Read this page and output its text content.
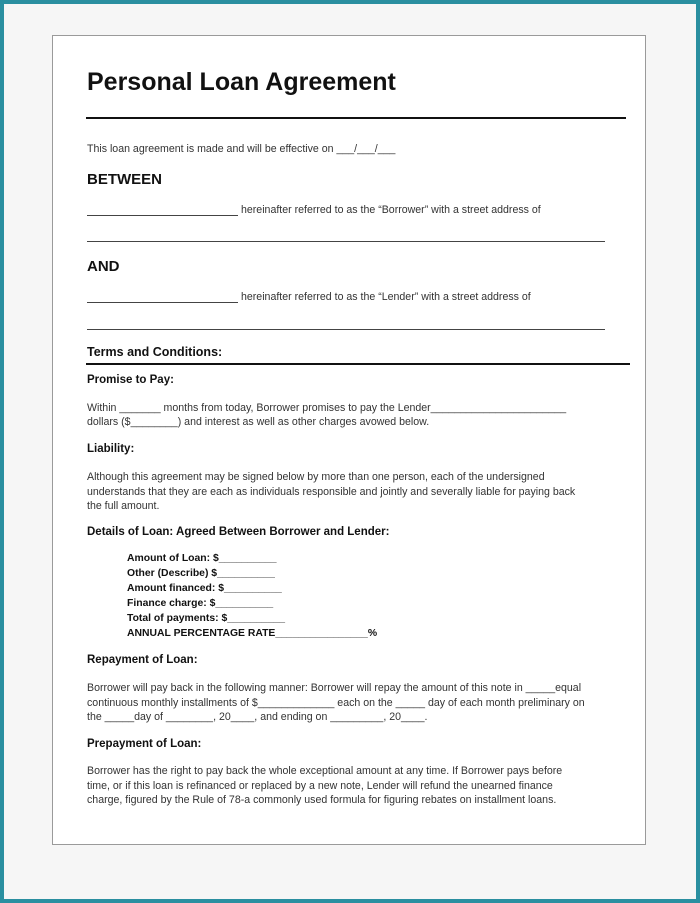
Personal Loan Agreement
This loan agreement is made and will be effective on ___/___/___
BETWEEN
hereinafter referred to as the “Borrower” with a street address of
AND
hereinafter referred to as the “Lender” with a street address of
Terms and Conditions:
Promise to Pay:
Within _______ months from today, Borrower promises to pay the Lender_______________________
dollars ($________) and interest as well as other charges avowed below.
Liability:
Although this agreement may be signed below by more than one person, each of the undersigned
understands that they are each as individuals responsible and jointly and severally liable for paying back
the full amount.
Details of Loan: Agreed Between Borrower and Lender:
Amount of Loan: $__________
Other (Describe) $__________
Amount financed: $__________
Finance charge: $__________
Total of payments: $__________
ANNUAL PERCENTAGE RATE________________%
Repayment of Loan:
Borrower will pay back in the following manner: Borrower will repay the amount of this note in _____equal
continuous monthly installments of $_____________ each on the _____ day of each month preliminary on
the _____day of ________, 20____, and ending on _________, 20____.
Prepayment of Loan:
Borrower has the right to pay back the whole exceptional amount at any time. If Borrower pays before
time, or if this loan is refinanced or replaced by a new note, Lender will refund the unearned finance
charge, figured by the Rule of 78-a commonly used formula for figuring rebates on installment loans.
